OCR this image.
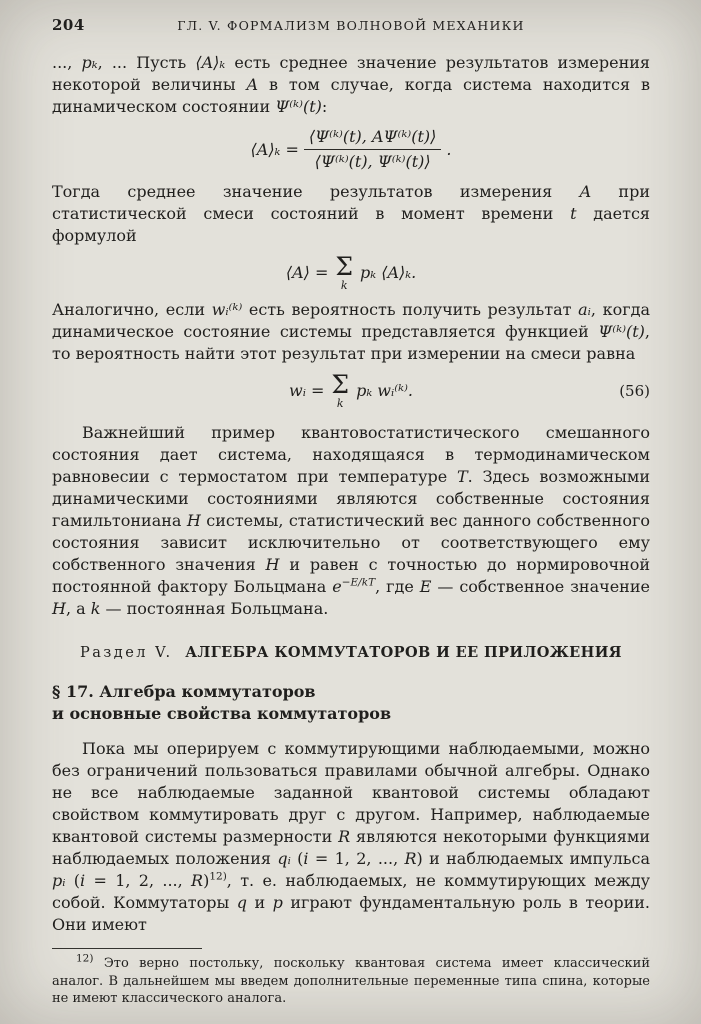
204	ГЛ. V. ФОРМАЛИЗМ ВОЛНОВОЙ МЕХАНИКИ

..., pₖ, ... Пусть ⟨A⟩ₖ есть среднее значение результатов измерения некоторой величины A в том случае, когда система находится в динамическом состоянии Ψ⁽ᵏ⁾(t):

⟨A⟩ₖ = $\frac{\text{⟨Ψ⁽ᵏ⁾(t), AΨ⁽ᵏ⁾(t)⟩}}{\text{⟨Ψ⁽ᵏ⁾(t), Ψ⁽ᵏ⁾(t)⟩}}$ .

Тогда среднее значение результатов измерения A при статистической смеси состояний в момент времени t дается формулой

⟨A⟩ = Σ
k
pₖ ⟨A⟩ₖ.

Аналогично, если wᵢ⁽ᵏ⁾ есть вероятность получить результат aᵢ, когда динамическое состояние системы представляется функцией Ψ⁽ᵏ⁾(t), то вероятность найти этот результат при измерении на смеси равна

wᵢ = Σ
k
pₖ wᵢ⁽ᵏ⁾.	(56)

Важнейший пример квантовостатистического смешанного состояния дает система, находящаяся в термодинамическом равновесии с термостатом при температуре T. Здесь возможными динамическими состояниями являются собственные состояния гамильтониана H системы, статистический вес данного собственного состояния зависит исключительно от соответствующего ему собственного значения H и равен с точностью до нормировочной постоянной фактору Больцмана $e^{-E/kT}$, где E — собственное значение H, а k — постоянная Больцмана.

Раздел V. АЛГЕБРА КОММУТАТОРОВ И ЕЕ ПРИЛОЖЕНИЯ
§ 17. Алгебра коммутаторов
и основные свойства коммутаторов

Пока мы оперируем с коммутирующими наблюдаемыми, можно без ограничений пользоваться правилами обычной алгебры. Однако не все наблюдаемые заданной квантовой системы обладают свойством коммутировать друг с другом. Например, наблюдаемые квантовой системы размерности R являются некоторыми функциями наблюдаемых положения qᵢ (i = 1, 2, ..., R) и наблюдаемых импульса pᵢ (i = 1, 2, ..., R)$^{12)}$, т. е. наблюдаемых, не коммутирующих между собой. Коммутаторы q и p играют фундаментальную роль в теории. Они имеют

$^{12)}$ Это верно постольку, поскольку квантовая система имеет классический аналог. В дальнейшем мы введем дополнительные переменные типа спина, которые не имеют классического аналога.
